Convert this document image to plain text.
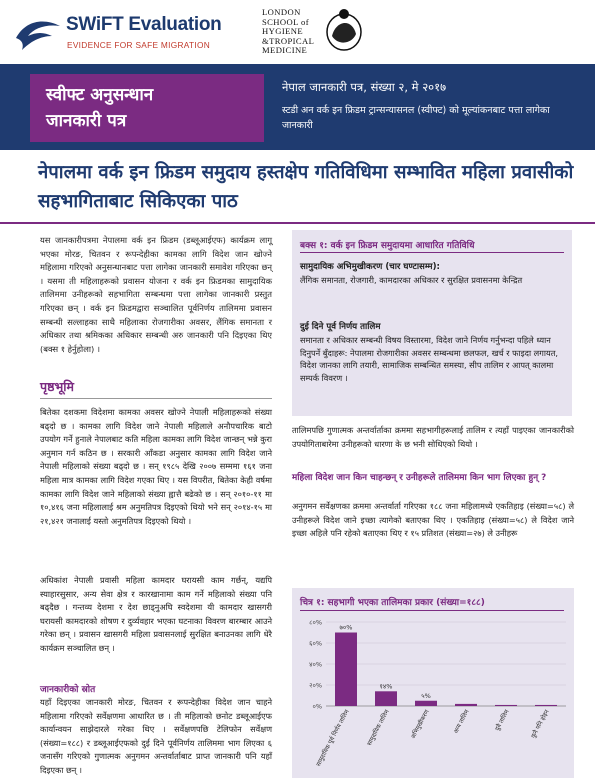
SWiFT Evaluation
EVIDENCE FOR SAFE MIGRATION
LONDON
SCHOOL of
HYGIENE
&TROPICAL
MEDICINE
स्वीफ्ट अनुसन्धान
जानकारी पत्र
नेपाल जानकारी पत्र, संख्या २, मे २०१७
स्टडी अन वर्क इन फ्रिडम ट्रान्सन्यासनल (स्वीफ्ट) को मूल्यांकनबाट पत्ता लागेका जानकारी
नेपालमा वर्क इन फ्रिडम समुदाय हस्तक्षेप गतिविधिमा सम्भावित महिला प्रवासीको सहभागिताबाट सिकिएका पाठ
यस जानकारीपत्रमा नेपालमा वर्क इन फ्रिडम (डब्लूआईएफ) कार्यक्रम लागू भएका मोरङ, चितवन र रूपन्देहीका कामका लागि विदेश जान खोज्ने महिलामा गरिएको अनुसन्धानबाट पत्ता लागेका जानकारी समावेश गरिएका छन् । यसमा ती महिलाहरूको प्रवासन योजना र वर्क इन फ्रिडमका सामुदायिक तालिममा उनीहरूको सहभागिता सम्बन्धमा पत्ता लागेका जानकारी प्रस्तुत गरिएका छन् । वर्क इन फ्रिडमद्वारा सञ्चालित पूर्वनिर्णय तालिममा प्रवासन सम्बन्धी सल्लाहका साथै महिलाका रोजगारीका अवसर, लैंगिक समानता र अधिकार तथा श्रमिकका अधिकार सम्बन्धी अरु जानकारी पनि दिइएका थिए (बक्स १ हेर्नुहोला) ।
बक्स १: वर्क इन फ्रिडम समुदायमा आधारित गतिविधि
सामुदायिक अभिमुखीकरण (चार घण्टासम्म):
लैंगिक समानता, रोजगारी, कामदारका अधिकार र सुरक्षित प्रवासनमा केन्द्रित
दुई दिने पूर्व निर्णय तालिम
समानता र अधिकार सम्बन्धी विषय विस्तारमा, विदेश जाने निर्णय गर्नुभन्दा पहिले ध्यान दिनुपर्ने बुँदाहरू: नेपालमा रोजगारीका अवसर सम्बन्धमा छलफल, खर्च र फाइदा लगायत, विदेश जानका लागि तयारी, सामाजिक सम्बन्धित समस्या, सीप तालिम र आपत् कालमा सम्पर्क विवरण ।
पृष्ठभूमि
बितेका दशकमा विदेशमा कामका अवसर खोज्ने नेपाली महिलाहरूको संख्या बढ्दो छ । कामका लागि विदेश जाने नेपाली महिलाले अनौपचारिक बाटो उपयोग गर्ने हुनाले नेपालबाट कति महिला कामका लागि विदेश जान्छन् भन्ने कुरा अनुमान गर्न कठिन छ । सरकारी आँकडा अनुसार कामका लागि विदेश जाने नेपाली महिलाको संख्या बढ्दो छ । सन् १९८५ देखि २००७ सम्ममा १६१ जना महिला मात्र कामका लागि विदेश गएका थिए । यस विपरीत, बितेका केही वर्षमा कामका लागि विदेश जाने महिलाको संख्या ह्वात्तै बढेको छ । सन् २०१०-११ मा १०,४१६ जना महिलालाई श्रम अनुमतिपत्र दिइएको थियो भने सन् २०१४-१५ मा २१,४२१ जनालाई यस्तो अनुमतिपत्र दिइएको थियो ।
अधिकांश नेपाली प्रवासी महिला कामदार घरायसी काम गर्छन्, यद्यपि स्याहारसुसार, अन्य सेवा क्षेत्र र कारखानामा काम गर्ने महिलाको संख्या पनि बढ्दैछ । गन्तव्य देशमा र देश छाड्नुअघि स्वदेशमा यी कामदार खासगरी घरायसी कामदारको शोषण र दुर्व्यवहार भएका घटनाका विवरण बारम्बार आउने गरेका छन् । प्रवासन खासगरी महिला प्रवासनलाई सुरक्षित बनाउनका लागि धेरै कार्यक्रम सञ्चालित छन् ।
जानकारीको स्रोत
यहाँ दिइएका जानकारी मोरङ, चितवन र रूपन्देहीका विदेश जान चाहने महिलामा गरिएको सर्वेक्षणमा आधारित छ । ती महिलाको छनोट डब्लूआईएफ कार्यान्वयन साझेदारले गरेका थिए । सर्वेक्षणपछि टेलिफोन सर्वेक्षण (संख्या=१८८) र डब्लूआईएफको दुई दिने पूर्वनिर्णय तालिममा भाग लिएका ६ जनासँग गरिएको गुणात्मक अनुगमन अन्तर्वार्ताबाट प्राप्त जानकारी पनि यहाँ दिइएका छन् ।
तालिमपछि गुणात्मक अन्तर्वार्ताका क्रममा सहभागीहरूलाई तालिम र त्यहाँ पाइएका जानकारीको उपयोगिताबारेमा उनीहरूको धारणा के छ भनी सोधिएको थियो ।
महिला विदेश जान किन चाहन्छन् र उनीहरूले तालिममा किन भाग लिएका हुन् ?
अनुगमन सर्वेक्षणका क्रममा अन्तर्वार्ता गरिएका १८८ जना महिलामध्ये एकतिहाइ (संख्या=५८) ले उनीहरूले विदेश जाने इच्छा त्यागेको बताएका थिए । एकतिहाइ (संख्या=५८) ले विदेश जाने इच्छा अहिले पनि रहेको बताएका थिए र १५ प्रतिशत (संख्या=२७) ले उनीहरू
चित्र १: सहभागी भएका तालिमका प्रकार (संख्या=१८८)
८०%
६०%
४०%
२०%
०%
७०%
सामुदायिक पूर्व निर्णय तालिम
१४%
सामुदायिक तालिम
५%
अभिमुखीकरण	अन्य तालिम	दुवै तालिम	कुनै पनि होइन
